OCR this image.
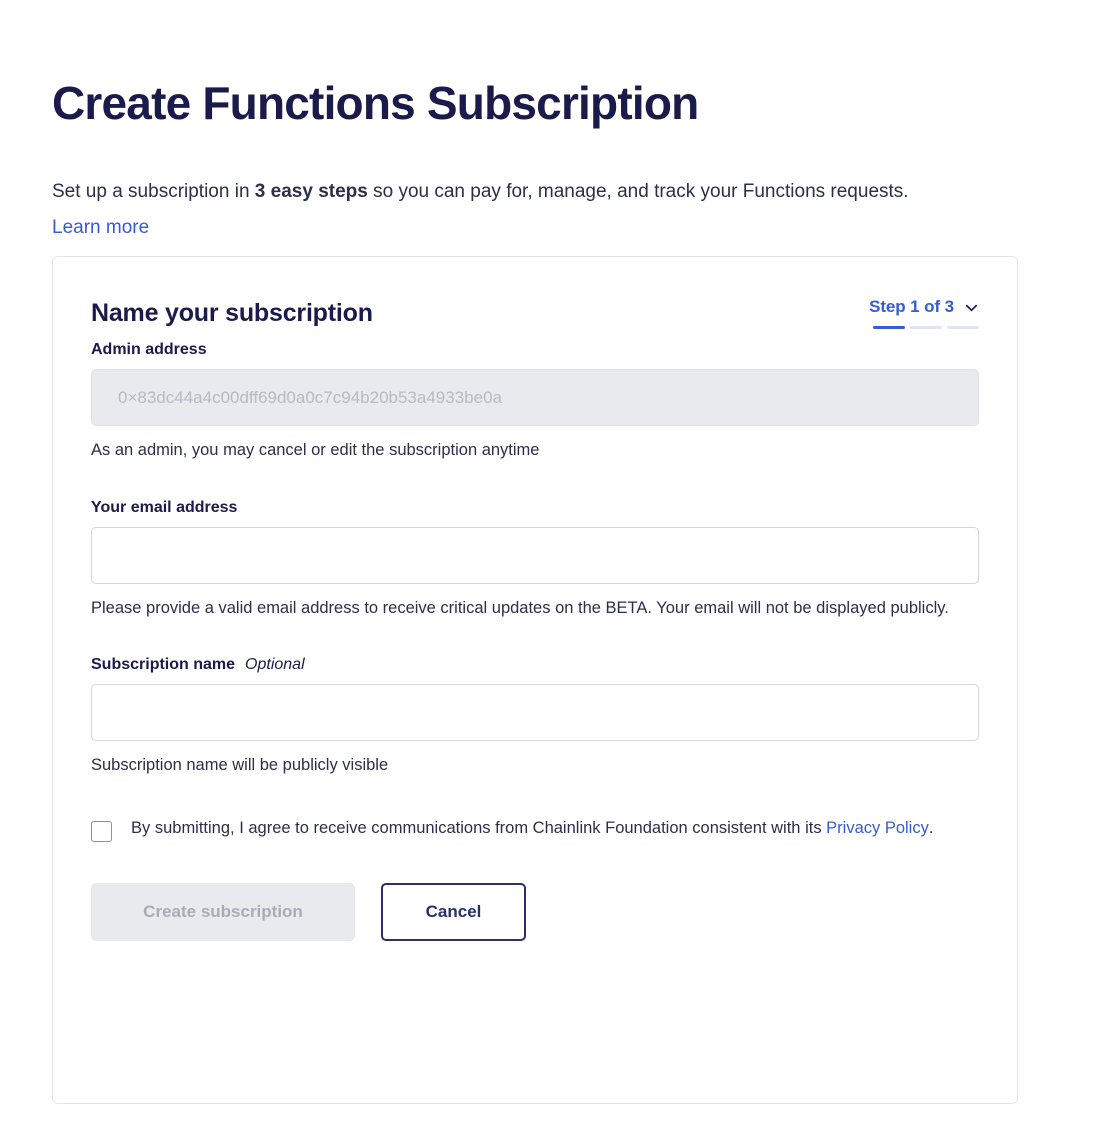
Create Functions Subscription

Set up a subscription in 3 easy steps so you can pay for, manage, and track your Functions requests. Learn more

Name your subscription	Step 1 of 3
Admin address
0×83dc44a4c00dff69d0a0c7c94b20b53a4933be0a
As an admin, you may cancel or edit the subscription anytime
Your email address
Please provide a valid email address to receive critical updates on the BETA. Your email will not be displayed publicly.
Subscription name Optional
Subscription name will be publicly visible
By submitting, I agree to receive communications from Chainlink Foundation consistent with its Privacy Policy.
Create subscription	Cancel
